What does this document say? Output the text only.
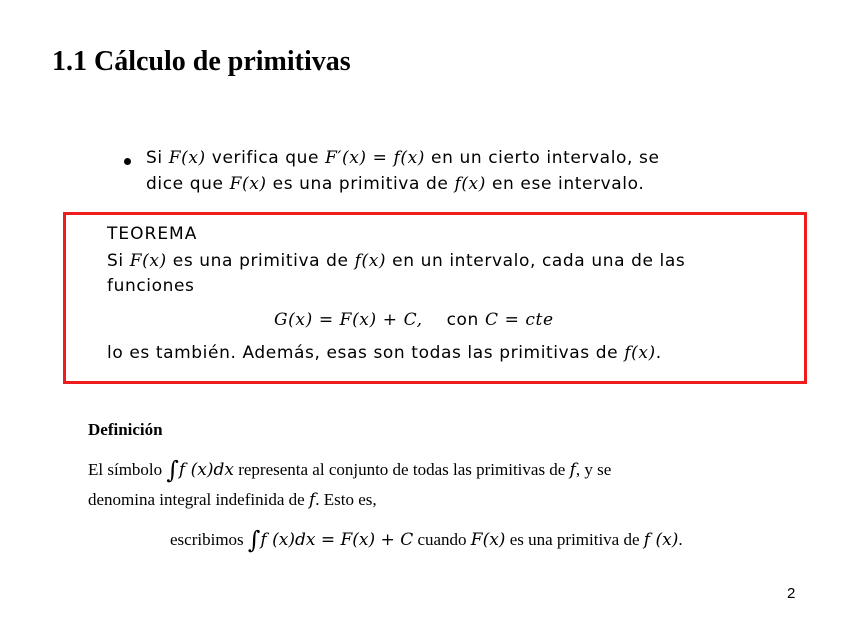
1.1 Cálculo de primitivas
Si F(x) verifica que F′(x) = f(x) en un cierto intervalo, se
dice que F(x) es una primitiva de f(x) en ese intervalo.
TEOREMA
Si F(x) es una primitiva de f(x) en un intervalo, cada una de las
funciones
G(x) = F(x) + C, con C = cte
lo es también. Además, esas son todas las primitivas de f(x).
Definición
El símbolo ∫f (x)dx representa al conjunto de todas las primitivas de f, y se
denomina integral indefinida de f. Esto es,
escribimos ∫f (x)dx = F(x) + C cuando F(x) es una primitiva de f (x).
2
